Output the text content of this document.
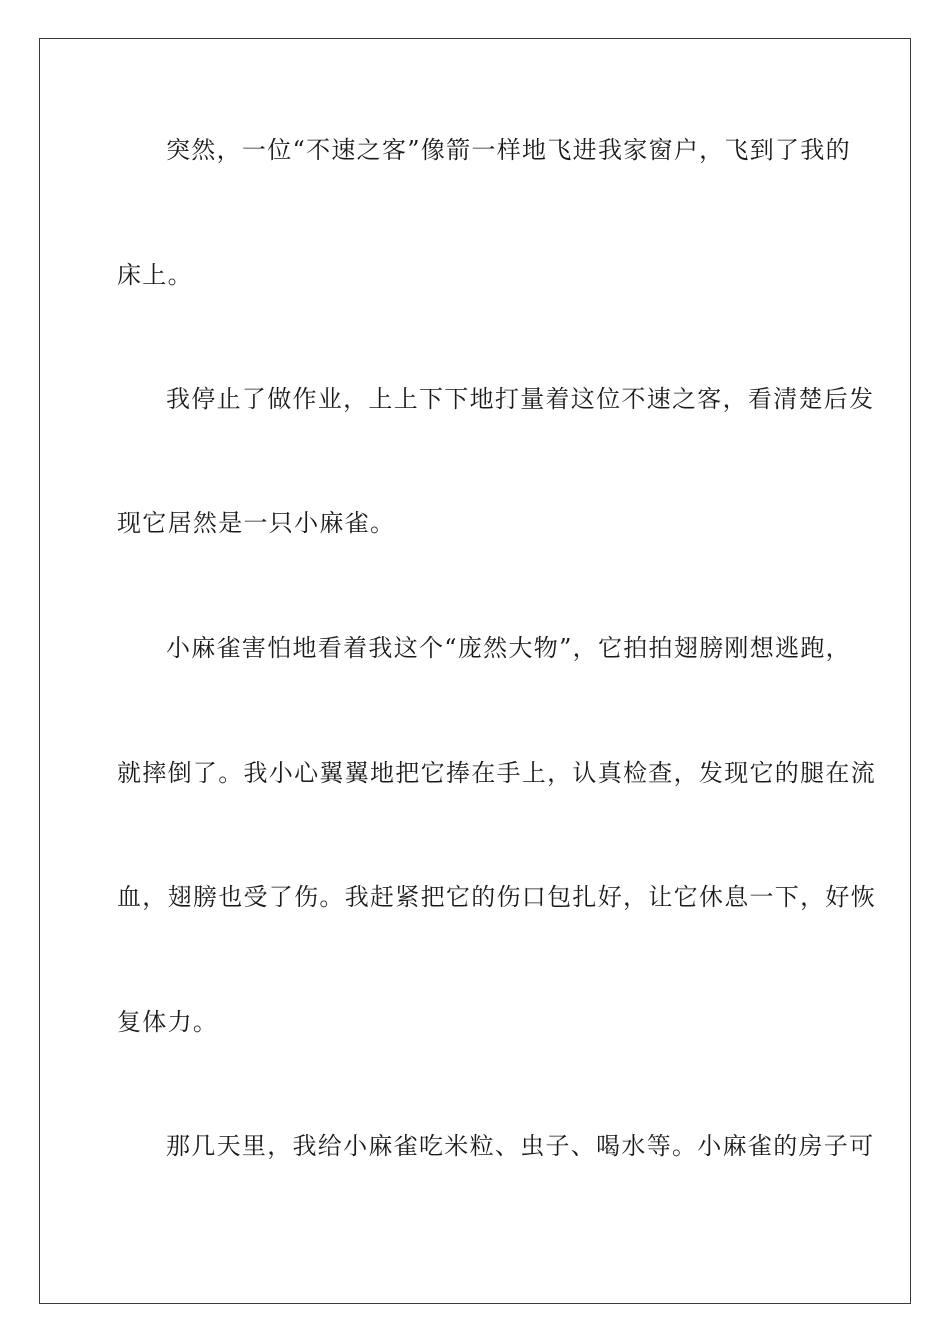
突然，一位“不速之客”像箭一样地飞进我家窗户，飞到了我的
床上。
我停止了做作业，上上下下地打量着这位不速之客，看清楚后发
现它居然是一只小麻雀。
小麻雀害怕地看着我这个“庞然大物”，它拍拍翅膀刚想逃跑，
就摔倒了。我小心翼翼地把它捧在手上，认真检查，发现它的腿在流
血，翅膀也受了伤。我赶紧把它的伤口包扎好，让它休息一下，好恢
复体力。
那几天里，我给小麻雀吃米粒、虫子、喝水等。小麻雀的房子可
